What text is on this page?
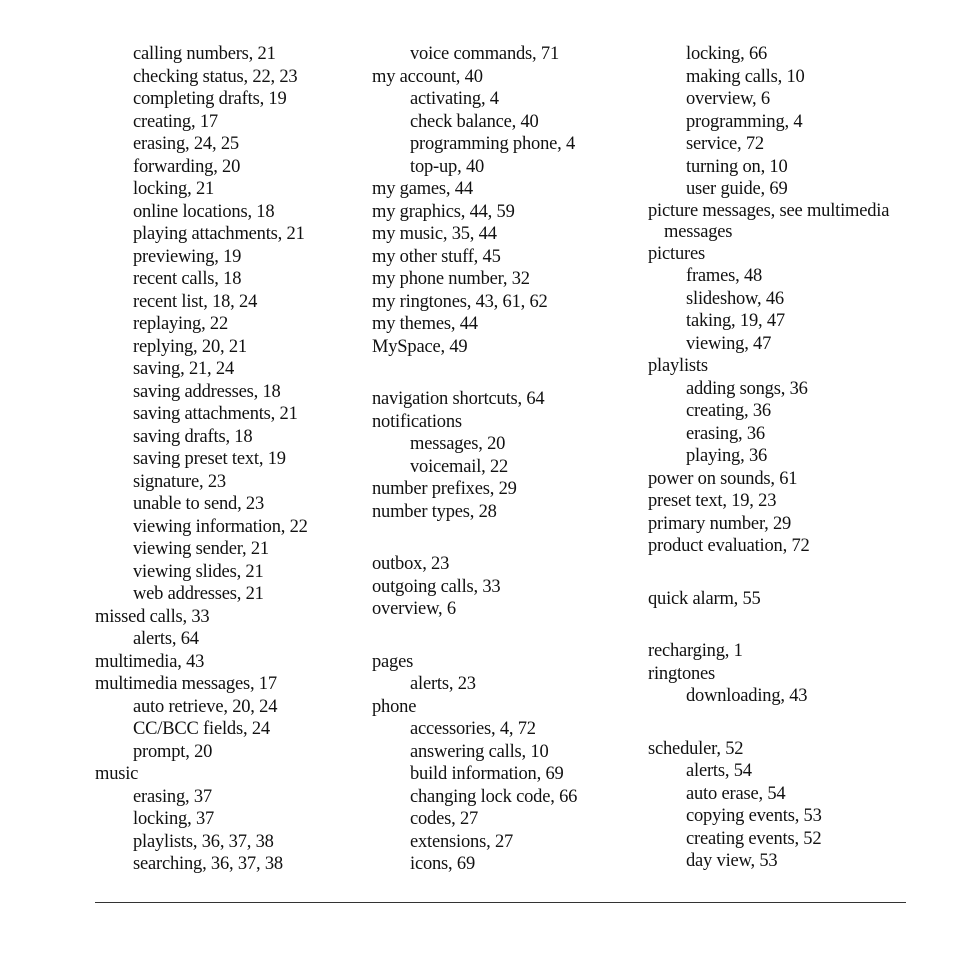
calling numbers, 21
checking status, 22, 23
completing drafts, 19
creating, 17
erasing, 24, 25
forwarding, 20
locking, 21
online locations, 18
playing attachments, 21
previewing, 19
recent calls, 18
recent list, 18, 24
replaying, 22
replying, 20, 21
saving, 21, 24
saving addresses, 18
saving attachments, 21
saving drafts, 18
saving preset text, 19
signature, 23
unable to send, 23
viewing information, 22
viewing sender, 21
viewing slides, 21
web addresses, 21
missed calls, 33
alerts, 64
multimedia, 43
multimedia messages, 17
auto retrieve, 20, 24
CC/BCC fields, 24
prompt, 20
music
erasing, 37
locking, 37
playlists, 36, 37, 38
searching, 36, 37, 38
voice commands, 71
my account, 40
activating, 4
check balance, 40
programming phone, 4
top-up, 40
my games, 44
my graphics, 44, 59
my music, 35, 44
my other stuff, 45
my phone number, 32
my ringtones, 43, 61, 62
my themes, 44
MySpace, 49
navigation shortcuts, 64
notifications
messages, 20
voicemail, 22
number prefixes, 29
number types, 28
outbox, 23
outgoing calls, 33
overview, 6
pages
alerts, 23
phone
accessories, 4, 72
answering calls, 10
build information, 69
changing lock code, 66
codes, 27
extensions, 27
icons, 69
locking, 66
making calls, 10
overview, 6
programming, 4
service, 72
turning on, 10
user guide, 69
picture messages, see multimedia
messages
pictures
frames, 48
slideshow, 46
taking, 19, 47
viewing, 47
playlists
adding songs, 36
creating, 36
erasing, 36
playing, 36
power on sounds, 61
preset text, 19, 23
primary number, 29
product evaluation, 72
quick alarm, 55
recharging, 1
ringtones
downloading, 43
scheduler, 52
alerts, 54
auto erase, 54
copying events, 53
creating events, 52
day view, 53
